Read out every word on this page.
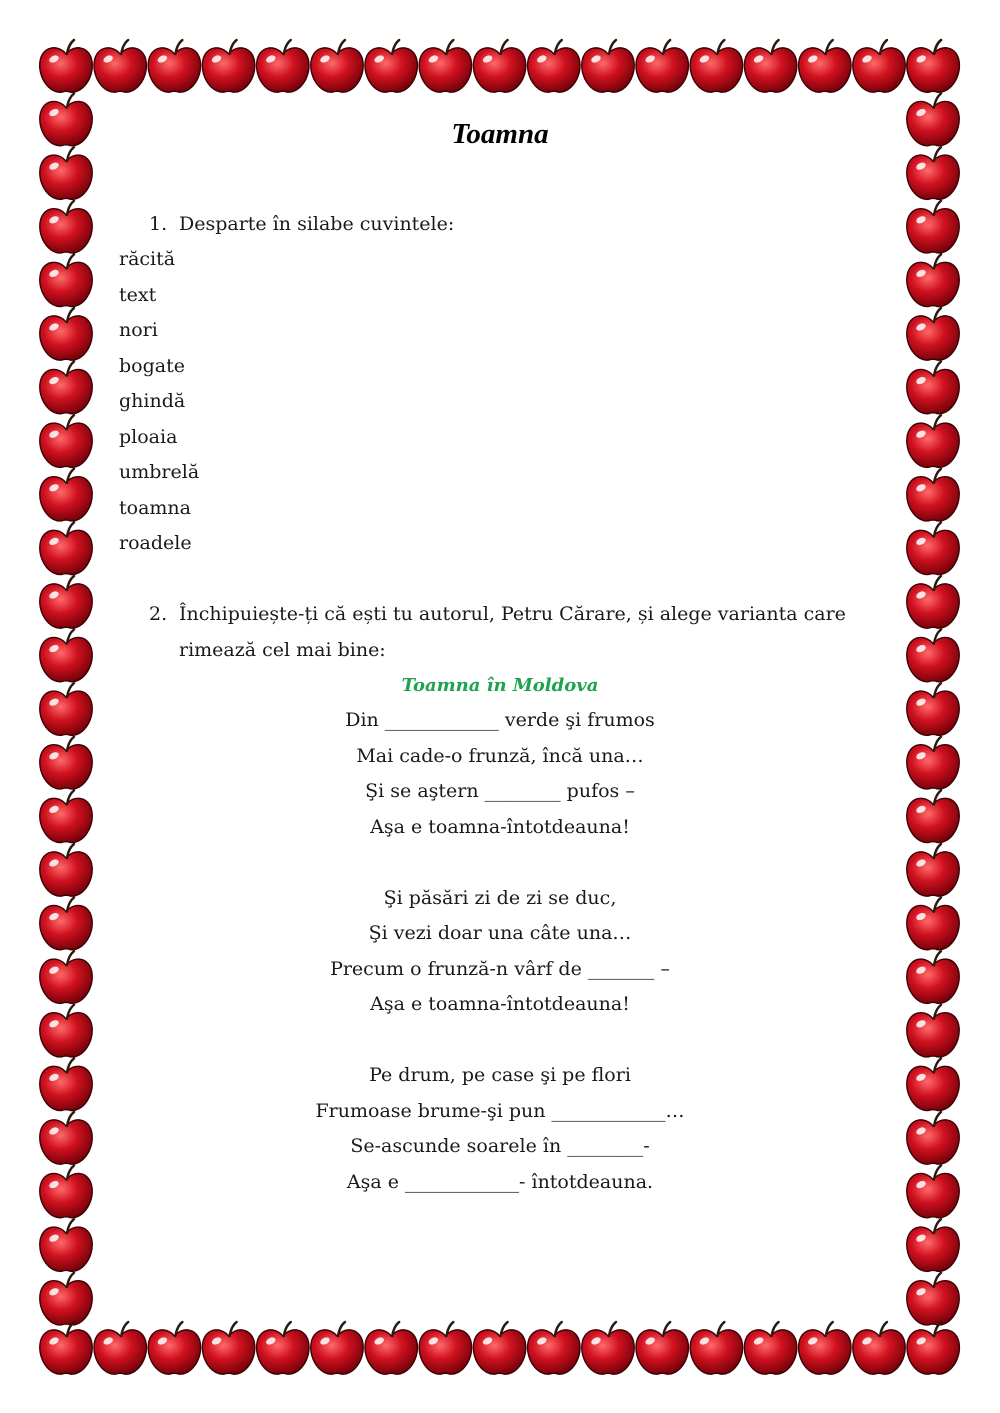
Toamna
1. Desparte în silabe cuvintele:
răcită
text
nori
bogate
ghindă
ploaia
umbrelă
toamna
roadele
2. Închipuiește-ți că ești tu autorul, Petru Cărare, și alege varianta care
rimează cel mai bine:
Toamna în Moldova
Din ____________ verde şi frumos
Mai cade-o frunză, încă una…
Şi se aştern ________ pufos –
Aşa e toamna-întotdeauna!
Şi păsări zi de zi se duc,
Şi vezi doar una câte una…
Precum o frunză-n vârf de _______ –
Aşa e toamna-întotdeauna!
Pe drum, pe case şi pe flori
Frumoase brume-şi pun ____________…
Se-ascunde soarele în ________-
Aşa e ____________- întotdeauna.
